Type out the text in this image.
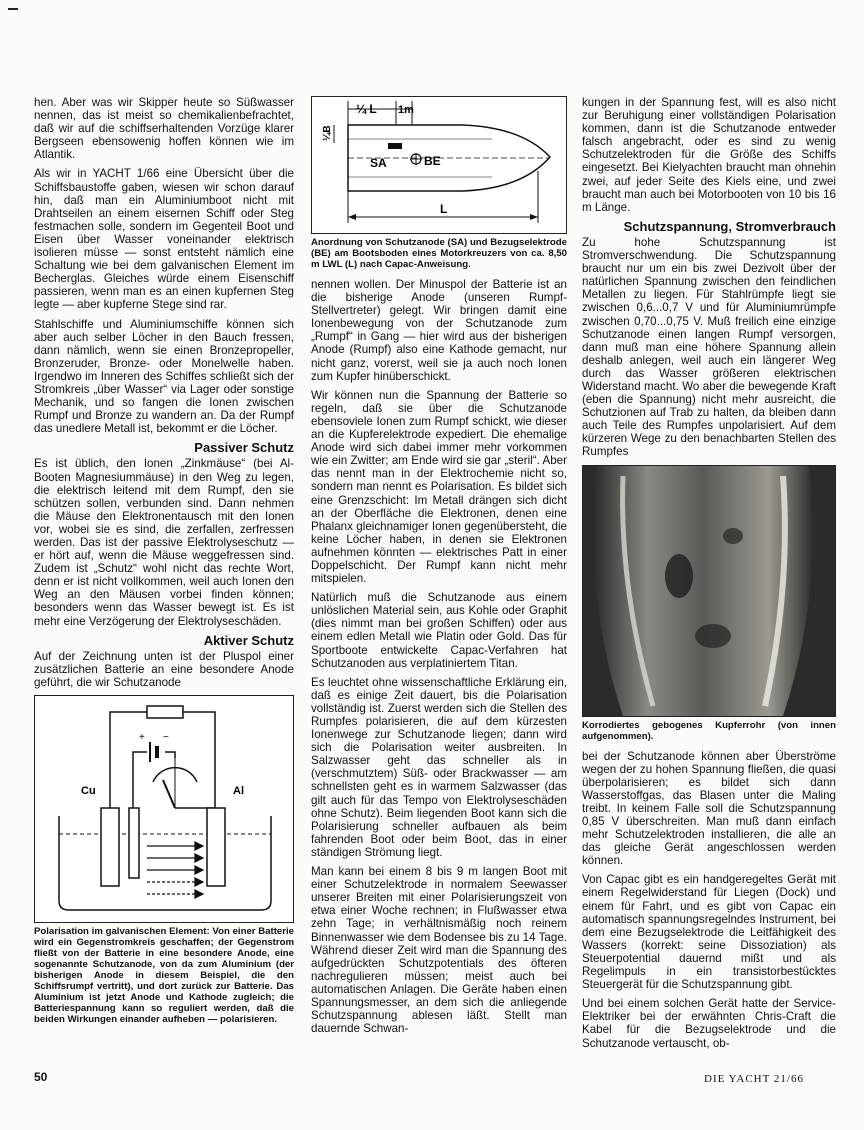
hen. Aber was wir Skipper heute so Süßwasser nennen, das ist meist so chemikalienbefrachtet, daß wir auf die schiffserhaltenden Vorzüge klarer Bergseen ebensowenig hoffen können wie im Atlantik.

Als wir in YACHT 1/66 eine Übersicht über die Schiffsbaustoffe gaben, wiesen wir schon darauf hin, daß man ein Aluminiumboot nicht mit Drahtseilen an einem eisernen Schiff oder Steg festmachen solle, sondern im Gegenteil Boot und Eisen über Wasser voneinander elektrisch isolieren müsse — sonst entsteht nämlich eine Schaltung wie bei dem galvanischen Element im Becherglas. Gleiches würde einem Eisenschiff passieren, wenn man es an einen kupfernen Steg legte — aber kupferne Stege sind rar.

Stahlschiffe und Aluminiumschiffe können sich aber auch selber Löcher in den Bauch fressen, dann nämlich, wenn sie einen Bronzepropeller, Bronzeruder, Bronze- oder Monelwelle haben. Irgendwo im Inneren des Schiffes schließt sich der Stromkreis „über Wasser“ via Lager oder sonstige Mechanik, und so fangen die Ionen zwischen Rumpf und Bronze zu wandern an. Da der Rumpf das unedlere Metall ist, bekommt er die Löcher.

Passiver Schutz

Es ist üblich, den Ionen „Zinkmäuse“ (bei Al-Booten Magnesiummäuse) in den Weg zu legen, die elektrisch leitend mit dem Rumpf, den sie schützen sollen, verbunden sind. Dann nehmen die Mäuse den Elektronentausch mit den Ionen vor, wobei sie es sind, die zerfallen, zerfressen werden. Das ist der passive Elektrolyseschutz — er hört auf, wenn die Mäuse weggefressen sind. Zudem ist „Schutz“ wohl nicht das rechte Wort, denn er ist nicht vollkommen, weil auch Ionen den Weg an den Mäusen vorbei finden können; besonders wenn das Wasser bewegt ist. Es ist mehr eine Verzögerung der Elektrolyseschäden.

Aktiver Schutz

Auf der Zeichnung unten ist der Pluspol einer zusätzlichen Batterie an eine besondere Anode geführt, die wir Schutzanode

+ −
Cu	Al
Polarisation im galvanischen Element: Von einer Batterie wird ein Gegenstromkreis geschaffen; der Gegenstrom fließt von der Batterie in eine besondere Anode, eine sogenannte Schutzanode, von da zum Aluminium (der bisherigen Anode in diesem Beispiel, die den Schiffsrumpf vertritt), und dort zurück zur Batterie. Das Aluminium ist jetzt Anode und Kathode zugleich; die Batteriespannung kann so reguliert werden, daß die beiden Wirkungen einander aufheben — polarisieren.
¼ L 1m
¼B
SA	BE
L
Anordnung von Schutzanode (SA) und Bezugselektrode (BE) am Bootsboden eines Motorkreuzers von ca. 8,50 m LWL (L) nach Capac-Anweisung.

nennen wollen. Der Minuspol der Batterie ist an die bisherige Anode (unseren Rumpf-Stellvertreter) gelegt. Wir bringen damit eine Ionenbewegung von der Schutzanode zum „Rumpf“ in Gang — hier wird aus der bisherigen Anode (Rumpf) also eine Kathode gemacht, nur nicht ganz, vorerst, weil sie ja auch noch Ionen zum Kupfer hinüberschickt.

Wir können nun die Spannung der Batterie so regeln, daß sie über die Schutzanode ebensoviele Ionen zum Rumpf schickt, wie dieser an die Kupferelektrode expediert. Die ehemalige Anode wird sich dabei immer mehr vorkommen wie ein Zwitter; am Ende wird sie gar „steril“. Aber das nennt man in der Elektrochemie nicht so, sondern man nennt es Polarisation. Es bildet sich eine Grenzschicht: Im Metall drängen sich dicht an der Oberfläche die Elektronen, denen eine Phalanx gleichnamiger Ionen gegenübersteht, die keine Löcher haben, in denen sie Elektronen aufnehmen könnten — elektrisches Patt in einer Doppelschicht. Der Rumpf kann nicht mehr mitspielen.

Natürlich muß die Schutzanode aus einem unlöslichen Material sein, aus Kohle oder Graphit (dies nimmt man bei großen Schiffen) oder aus einem edlen Metall wie Platin oder Gold. Das für Sportboote entwickelte Capac-Verfahren hat Schutzanoden aus verplatiniertem Titan.

Es leuchtet ohne wissenschaftliche Erklärung ein, daß es einige Zeit dauert, bis die Polarisation vollständig ist. Zuerst werden sich die Stellen des Rumpfes polarisieren, die auf dem kürzesten Ionenwege zur Schutzanode liegen; dann wird sich die Polarisation weiter ausbreiten. In Salzwasser geht das schneller als in (verschmutztem) Süß- oder Brackwasser — am schnellsten geht es in warmem Salzwasser (das gilt auch für das Tempo von Elektrolyseschäden ohne Schutz). Beim liegenden Boot kann sich die Polarisierung schneller aufbauen als beim fahrenden Boot oder beim Boot, das in einer ständigen Strömung liegt.

Man kann bei einem 8 bis 9 m langen Boot mit einer Schutzelektrode in normalem Seewasser unserer Breiten mit einer Polarisierungszeit von etwa einer Woche rechnen; in Flußwasser etwa zehn Tage; in verhältnismäßig noch reinem Binnenwasser wie dem Bodensee bis zu 14 Tage. Während dieser Zeit wird man die Spannung des aufgedrückten Schutzpotentials des öfteren nachregulieren müssen; meist auch bei automatischen Anlagen. Die Geräte haben einen Spannungsmesser, an dem sich die anliegende Schutzspannung ablesen läßt. Stellt man dauernde Schwan-

kungen in der Spannung fest, will es also nicht zur Beruhigung einer vollständigen Polarisation kommen, dann ist die Schutzanode entweder falsch angebracht, oder es sind zu wenig Schutzelektroden für die Größe des Schiffs eingesetzt. Bei Kielyachten braucht man ohnehin zwei, auf jeder Seite des Kiels eine, und zwei braucht man auch bei Motorbooten von 10 bis 16 m Länge.

Schutzspannung, Stromverbrauch

Zu hohe Schutzspannung ist Stromverschwendung. Die Schutzspannung braucht nur um ein bis zwei Dezivolt über der natürlichen Spannung zwischen den feindlichen Metallen zu liegen. Für Stahlrümpfe liegt sie zwischen 0,6...0,7 V und für Aluminiumrümpfe zwischen 0,70...0,75 V. Muß freilich eine einzige Schutzanode einen langen Rumpf versorgen, dann muß man eine höhere Spannung allein deshalb anlegen, weil auch ein längerer Weg durch das Wasser größeren elektrischen Widerstand macht. Wo aber die bewegende Kraft (eben die Spannung) nicht mehr ausreicht, die Schutzionen auf Trab zu halten, da bleiben dann auch Teile des Rumpfes unpolarisiert. Auf dem kürzeren Wege zu den benachbarten Stellen des Rumpfes

Korrodiertes gebogenes Kupferrohr (von innen aufgenommen).

bei der Schutzanode können aber Überströme wegen der zu hohen Spannung fließen, die quasi überpolarisieren; es bildet sich dann Wasserstoffgas, das Blasen unter die Maling treibt. In keinem Falle soll die Schutzspannung 0,85 V überschreiten. Man muß dann einfach mehr Schutzelektroden installieren, die alle an das gleiche Gerät angeschlossen werden können.

Von Capac gibt es ein handgeregeltes Gerät mit einem Regelwiderstand für Liegen (Dock) und einem für Fahrt, und es gibt von Capac ein automatisch spannungsregelndes Instrument, bei dem eine Bezugselektrode die Leitfähigkeit des Wassers (korrekt: seine Dissoziation) als Steuerpotential dauernd mißt und als Regelimpuls in ein transistorbestücktes Steuergerät für die Schutzspannung gibt.

Und bei einem solchen Gerät hatte der Service-Elektriker bei der erwähnten Chris-Craft die Kabel für die Bezugselektrode und die Schutzanode vertauscht, ob-

50	DIE YACHT 21/66
